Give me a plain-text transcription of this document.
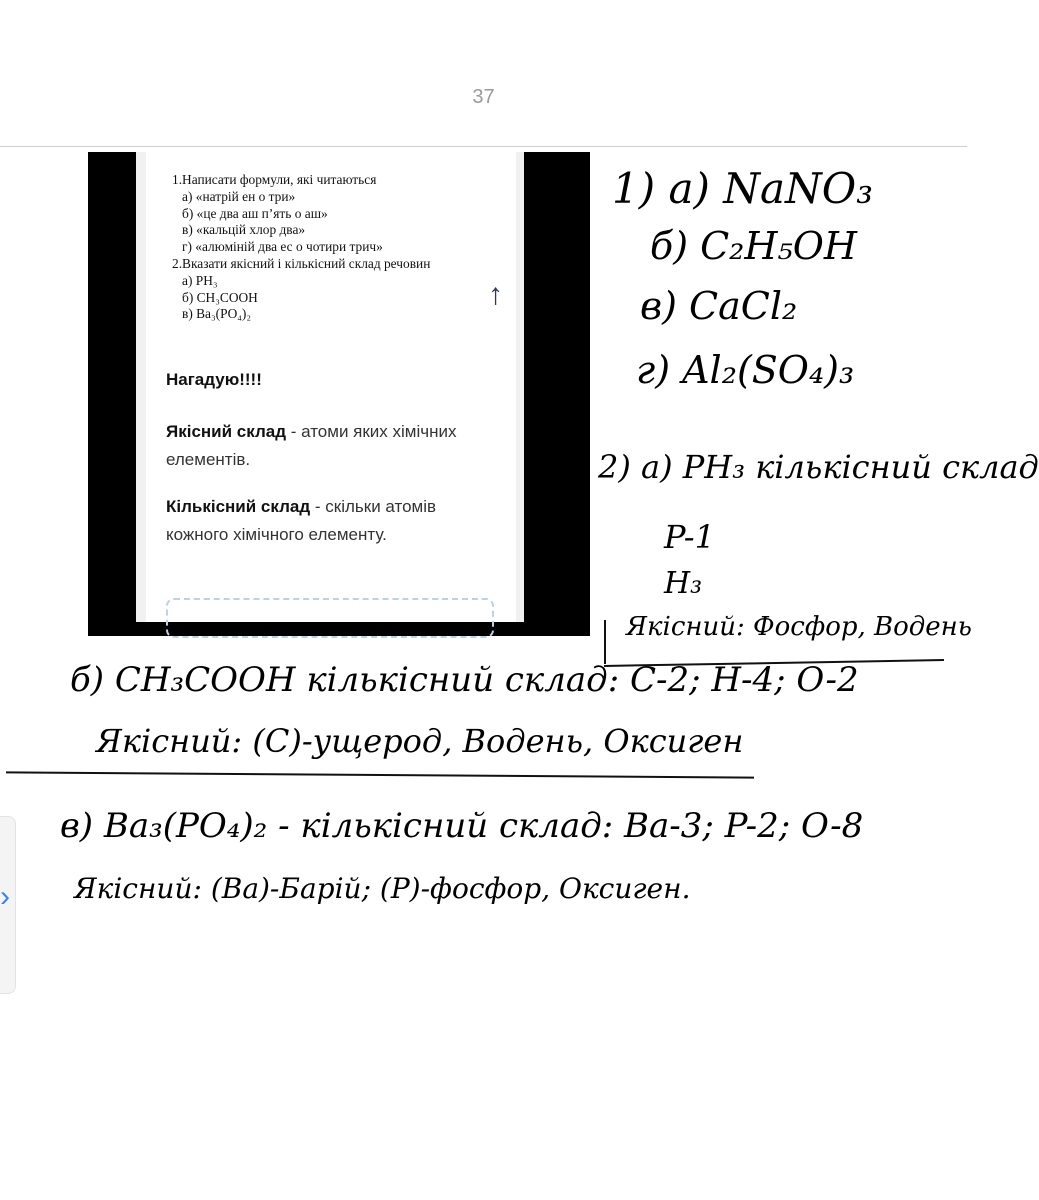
37
1.Написати формули, які читаються
а) «натрій ен о три»
б) «це два аш п’ять о аш»
в) «кальцій хлор два»
г) «алюміній два ес о чотири трич»
2.Вказати якісний і кількісний склад речовин
а) PH₃
б) CH₃COOH
в) Ba₃(PO₄)₂
↑
Нагадую!!!!
Якісний склад - атоми яких хімічних елементів.
Кількісний склад - скільки атомів кожного хімічного елементу.
1) а) NaNO₃
б) C₂H₅OH
в) CaCl₂
г) Al₂(SO₄)₃
2) а) PH₃ кількісний склад
P-1
H₃
Якісний: Фосфор, Водень
б) CH₃COOH кількісний склад: C-2; H-4; O-2
Якісний: (C)-ущерод, Водень, Оксиген
в) Ba₃(PO₄)₂ - кількісний склад: Ba-3; P-2; O-8
Якісний: (Ba)-Барій; (P)-фосфор, Оксиген.
›
